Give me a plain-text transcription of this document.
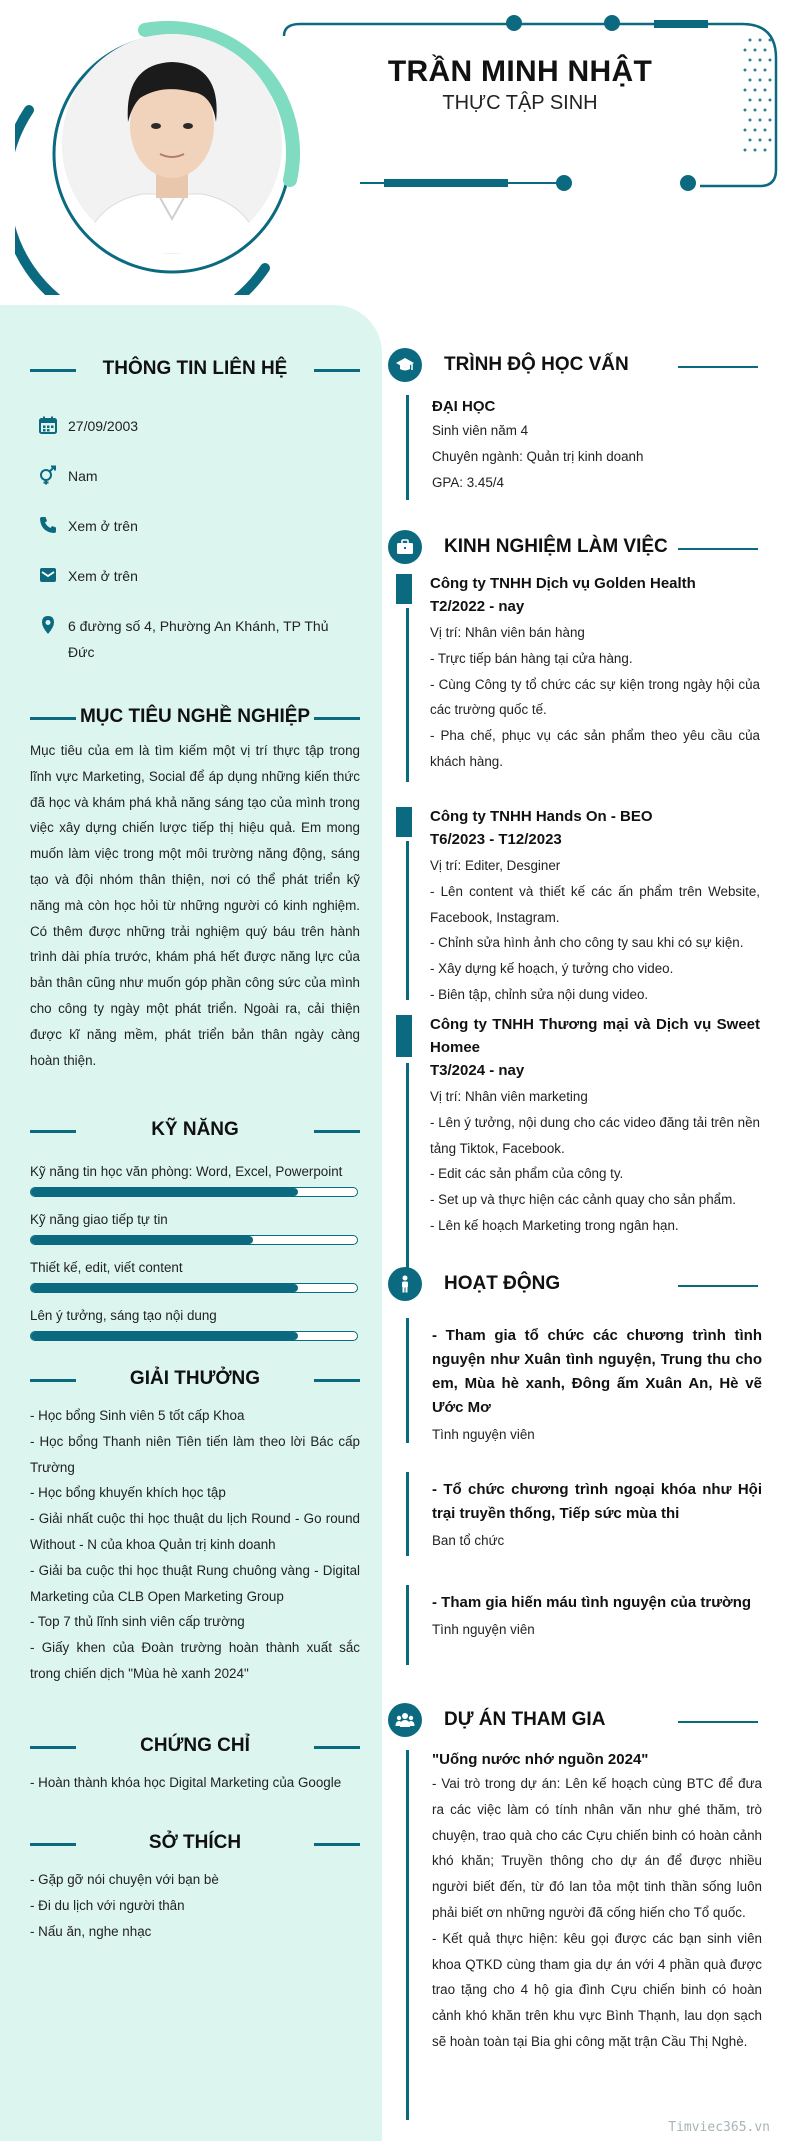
TRẦN MINH NHẬT
THỰC TẬP SINH
THÔNG TIN LIÊN HỆ
27/09/2003
Nam
Xem ở trên
Xem ở trên
6 đường số 4, Phường An Khánh, TP Thủ Đức
MỤC TIÊU NGHỀ NGHIỆP
Mục tiêu của em là tìm kiếm một vị trí thực tập trong lĩnh vực Marketing, Social để áp dụng những kiến thức đã học và khám phá khả năng sáng tạo của mình trong việc xây dựng chiến lược tiếp thị hiệu quả. Em mong muốn làm việc trong một môi trường năng động, sáng tạo và đội nhóm thân thiện, nơi có thể phát triển kỹ năng mà còn học hỏi từ những người có kinh nghiệm. Có thêm được những trải nghiệm quý báu trên hành trình dài phía trước, khám phá hết được năng lực của bản thân cũng như muốn góp phần công sức của mình cho công ty ngày một phát triển. Ngoài ra, cải thiện được kĩ năng mềm, phát triển bản thân ngày càng hoàn thiện.
KỸ NĂNG
Kỹ năng tin học văn phòng: Word, Excel, Powerpoint
Kỹ năng giao tiếp tự tin
Thiết kế, edit, viết content
Lên ý tưởng, sáng tạo nội dung
GIẢI THƯỞNG
- Học bổng Sinh viên 5 tốt cấp Khoa
- Học bổng Thanh niên Tiên tiến làm theo lời Bác cấp Trường
- Học bổng khuyến khích học tập
- Giải nhất cuộc thi học thuật du lịch Round - Go round Without - N của khoa Quản trị kinh doanh
- Giải ba cuộc thi học thuật Rung chuông vàng - Digital Marketing của CLB Open Marketing Group
- Top 7 thủ lĩnh sinh viên cấp trường
- Giấy khen của Đoàn trường hoàn thành xuất sắc trong chiến dịch "Mùa hè xanh 2024"
CHỨNG CHỈ
- Hoàn thành khóa học Digital Marketing của Google
SỞ THÍCH
- Gặp gỡ nói chuyện với bạn bè
- Đi du lịch với người thân
- Nấu ăn, nghe nhạc
TRÌNH ĐỘ HỌC VẤN
ĐẠI HỌC
Sinh viên năm 4
Chuyên ngành: Quản trị kinh doanh
GPA: 3.45/4
KINH NGHIỆM LÀM VIỆC
Công ty TNHH Dịch vụ Golden Health
T2/2022 - nay
Vị trí: Nhân viên bán hàng
- Trực tiếp bán hàng tại cửa hàng.
- Cùng Công ty tổ chức các sự kiện trong ngày hội của các trường quốc tế.
- Pha chế, phục vụ các sản phẩm theo yêu cầu của khách hàng.
Công ty TNHH Hands On - BEO
T6/2023 - T12/2023
Vị trí: Editer, Desginer
- Lên content và thiết kế các ấn phẩm trên Website, Facebook, Instagram.
- Chỉnh sửa hình ảnh cho công ty sau khi có sự kiện.
- Xây dựng kế hoạch, ý tưởng cho video.
- Biên tập, chỉnh sửa nội dung video.
Công ty TNHH Thương mại và Dịch vụ Sweet Homee
T3/2024 - nay
Vị trí: Nhân viên marketing
- Lên ý tưởng, nội dung cho các video đăng tải trên nền tảng Tiktok, Facebook.
- Edit các sản phẩm của công ty.
- Set up và thực hiện các cảnh quay cho sản phẩm.
- Lên kế hoạch Marketing trong ngân hạn.
HOẠT ĐỘNG
- Tham gia tổ chức các chương trình tình nguyện như Xuân tình nguyện, Trung thu cho em, Mùa hè xanh, Đông ấm Xuân An, Hè vẽ Ước Mơ
Tình nguyện viên
- Tổ chức chương trình ngoại khóa như Hội trại truyền thống, Tiếp sức mùa thi
Ban tổ chức
- Tham gia hiến máu tình nguyện của trường
Tình nguyện viên
DỰ ÁN THAM GIA
"Uống nước nhớ nguồn 2024"
- Vai trò trong dự án: Lên kế hoạch cùng BTC để đưa ra các việc làm có tính nhân văn như ghé thăm, trò chuyện, trao quà cho các Cựu chiến binh có hoàn cảnh khó khăn; Truyền thông cho dự án để được nhiều người biết đến, từ đó lan tỏa một tinh thần sống luôn phải biết ơn những người đã cống hiến cho Tổ quốc.
- Kết quả thực hiện: kêu gọi được các bạn sinh viên khoa QTKD cùng tham gia dự án với 4 phần quà được trao tặng cho 4 hộ gia đình Cựu chiến binh có hoàn cảnh khó khăn trên khu vực Bình Thạnh, lau dọn sạch sẽ hoàn toàn tại Bia ghi công mặt trận Cầu Thị Nghè.
Timviec365.vn
